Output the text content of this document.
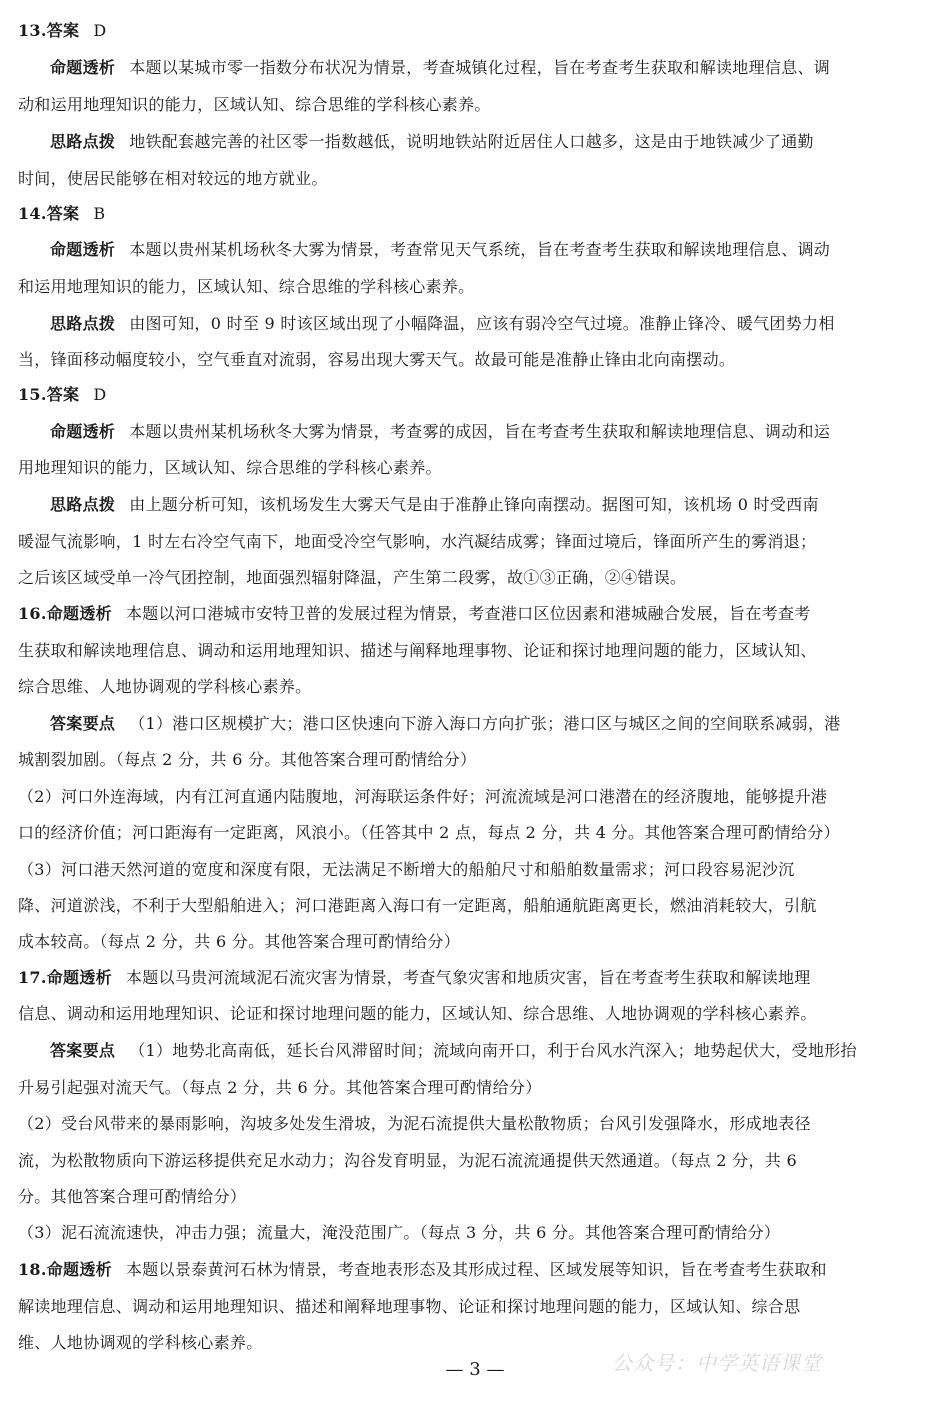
13.答案 D
命题透析 本题以某城市零一指数分布状况为情景，考查城镇化过程，旨在考查考生获取和解读地理信息、调
动和运用地理知识的能力，区域认知、综合思维的学科核心素养。
思路点拨 地铁配套越完善的社区零一指数越低，说明地铁站附近居住人口越多，这是由于地铁减少了通勤
时间，使居民能够在相对较远的地方就业。
14.答案 B
命题透析 本题以贵州某机场秋冬大雾为情景，考查常见天气系统，旨在考查考生获取和解读地理信息、调动
和运用地理知识的能力，区域认知、综合思维的学科核心素养。
思路点拨 由图可知，0 时至 9 时该区域出现了小幅降温，应该有弱冷空气过境。准静止锋冷、暖气团势力相
当，锋面移动幅度较小，空气垂直对流弱，容易出现大雾天气。故最可能是准静止锋由北向南摆动。
15.答案 D
命题透析 本题以贵州某机场秋冬大雾为情景，考查雾的成因，旨在考查考生获取和解读地理信息、调动和运
用地理知识的能力，区域认知、综合思维的学科核心素养。
思路点拨 由上题分析可知，该机场发生大雾天气是由于准静止锋向南摆动。据图可知，该机场 0 时受西南
暖湿气流影响，1 时左右冷空气南下，地面受冷空气影响，水汽凝结成雾；锋面过境后，锋面所产生的雾消退；
之后该区域受单一冷气团控制，地面强烈辐射降温，产生第二段雾，故①③正确，②④错误。
16.命题透析 本题以河口港城市安特卫普的发展过程为情景，考查港口区位因素和港城融合发展，旨在考查考
生获取和解读地理信息、调动和运用地理知识、描述与阐释地理事物、论证和探讨地理问题的能力，区域认知、
综合思维、人地协调观的学科核心素养。
答案要点 （1）港口区规模扩大；港口区快速向下游入海口方向扩张；港口区与城区之间的空间联系减弱，港
城割裂加剧。（每点 2 分，共 6 分。其他答案合理可酌情给分）
（2）河口外连海域，内有江河直通内陆腹地，河海联运条件好；河流流域是河口港潜在的经济腹地，能够提升港
口的经济价值；河口距海有一定距离，风浪小。（任答其中 2 点，每点 2 分，共 4 分。其他答案合理可酌情给分）
（3）河口港天然河道的宽度和深度有限，无法满足不断增大的船舶尺寸和船舶数量需求；河口段容易泥沙沉
降、河道淤浅，不利于大型船舶进入；河口港距离入海口有一定距离，船舶通航距离更长，燃油消耗较大，引航
成本较高。（每点 2 分，共 6 分。其他答案合理可酌情给分）
17.命题透析 本题以马贵河流域泥石流灾害为情景，考查气象灾害和地质灾害，旨在考查考生获取和解读地理
信息、调动和运用地理知识、论证和探讨地理问题的能力，区域认知、综合思维、人地协调观的学科核心素养。
答案要点 （1）地势北高南低，延长台风滞留时间；流域向南开口，利于台风水汽深入；地势起伏大，受地形抬
升易引起强对流天气。（每点 2 分，共 6 分。其他答案合理可酌情给分）
（2）受台风带来的暴雨影响，沟坡多处发生滑坡，为泥石流提供大量松散物质；台风引发强降水，形成地表径
流，为松散物质向下游运移提供充足水动力；沟谷发育明显，为泥石流流通提供天然通道。（每点 2 分，共 6
分。其他答案合理可酌情给分）
（3）泥石流流速快，冲击力强；流量大，淹没范围广。（每点 3 分，共 6 分。其他答案合理可酌情给分）
18.命题透析 本题以景泰黄河石林为情景，考查地表形态及其形成过程、区域发展等知识，旨在考查考生获取和
解读地理信息、调动和运用地理知识、描述和阐释地理事物、论证和探讨地理问题的能力，区域认知、综合思
维、人地协调观的学科核心素养。
— 3 —	公众号：中学英语课堂
